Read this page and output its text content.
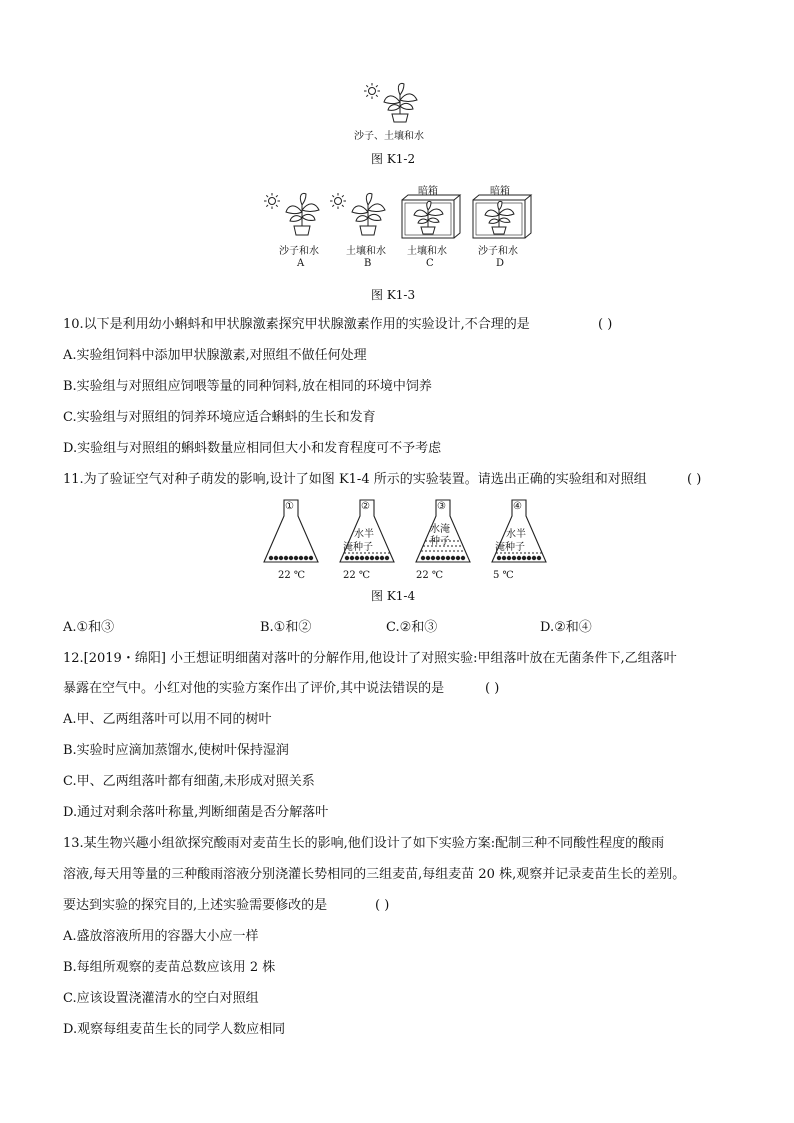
沙子、土壤和水
图 K1-2
沙子和水
A
土壤和水
B
暗箱
土壤和水
C
暗箱
沙子和水
D
图 K1-3
10.以下是利用幼小蝌蚪和甲状腺激素探究甲状腺激素作用的实验设计,不合理的是	( )
A.实验组饲料中添加甲状腺激素,对照组不做任何处理
B.实验组与对照组应饲喂等量的同种饲料,放在相同的环境中饲养
C.实验组与对照组的饲养环境应适合蝌蚪的生长和发育
D.实验组与对照组的蝌蚪数量应相同但大小和发育程度可不予考虑
11.为了验证空气对种子萌发的影响,设计了如图 K1-4 所示的实验装置。请选出正确的实验组和对照组	( )
①	②
水半
淹种子
③
水淹
种子
④
水半
淹种子
22 ℃	22 ℃	22 ℃	5 ℃
图 K1-4
A.①和③	B.①和②	C.②和③	D.②和④
12.[2019・绵阳] 小王想证明细菌对落叶的分解作用,他设计了对照实验:甲组落叶放在无菌条件下,乙组落叶
暴露在空气中。小红对他的实验方案作出了评价,其中说法错误的是	( )
A.甲、乙两组落叶可以用不同的树叶
B.实验时应滴加蒸馏水,使树叶保持湿润
C.甲、乙两组落叶都有细菌,未形成对照关系
D.通过对剩余落叶称量,判断细菌是否分解落叶
13.某生物兴趣小组欲探究酸雨对麦苗生长的影响,他们设计了如下实验方案:配制三种不同酸性程度的酸雨
溶液,每天用等量的三种酸雨溶液分别浇灌长势相同的三组麦苗,每组麦苗 20 株,观察并记录麦苗生长的差别。
要达到实验的探究目的,上述实验需要修改的是	( )
A.盛放溶液所用的容器大小应一样
B.每组所观察的麦苗总数应该用 2 株
C.应该设置浇灌清水的空白对照组
D.观察每组麦苗生长的同学人数应相同
